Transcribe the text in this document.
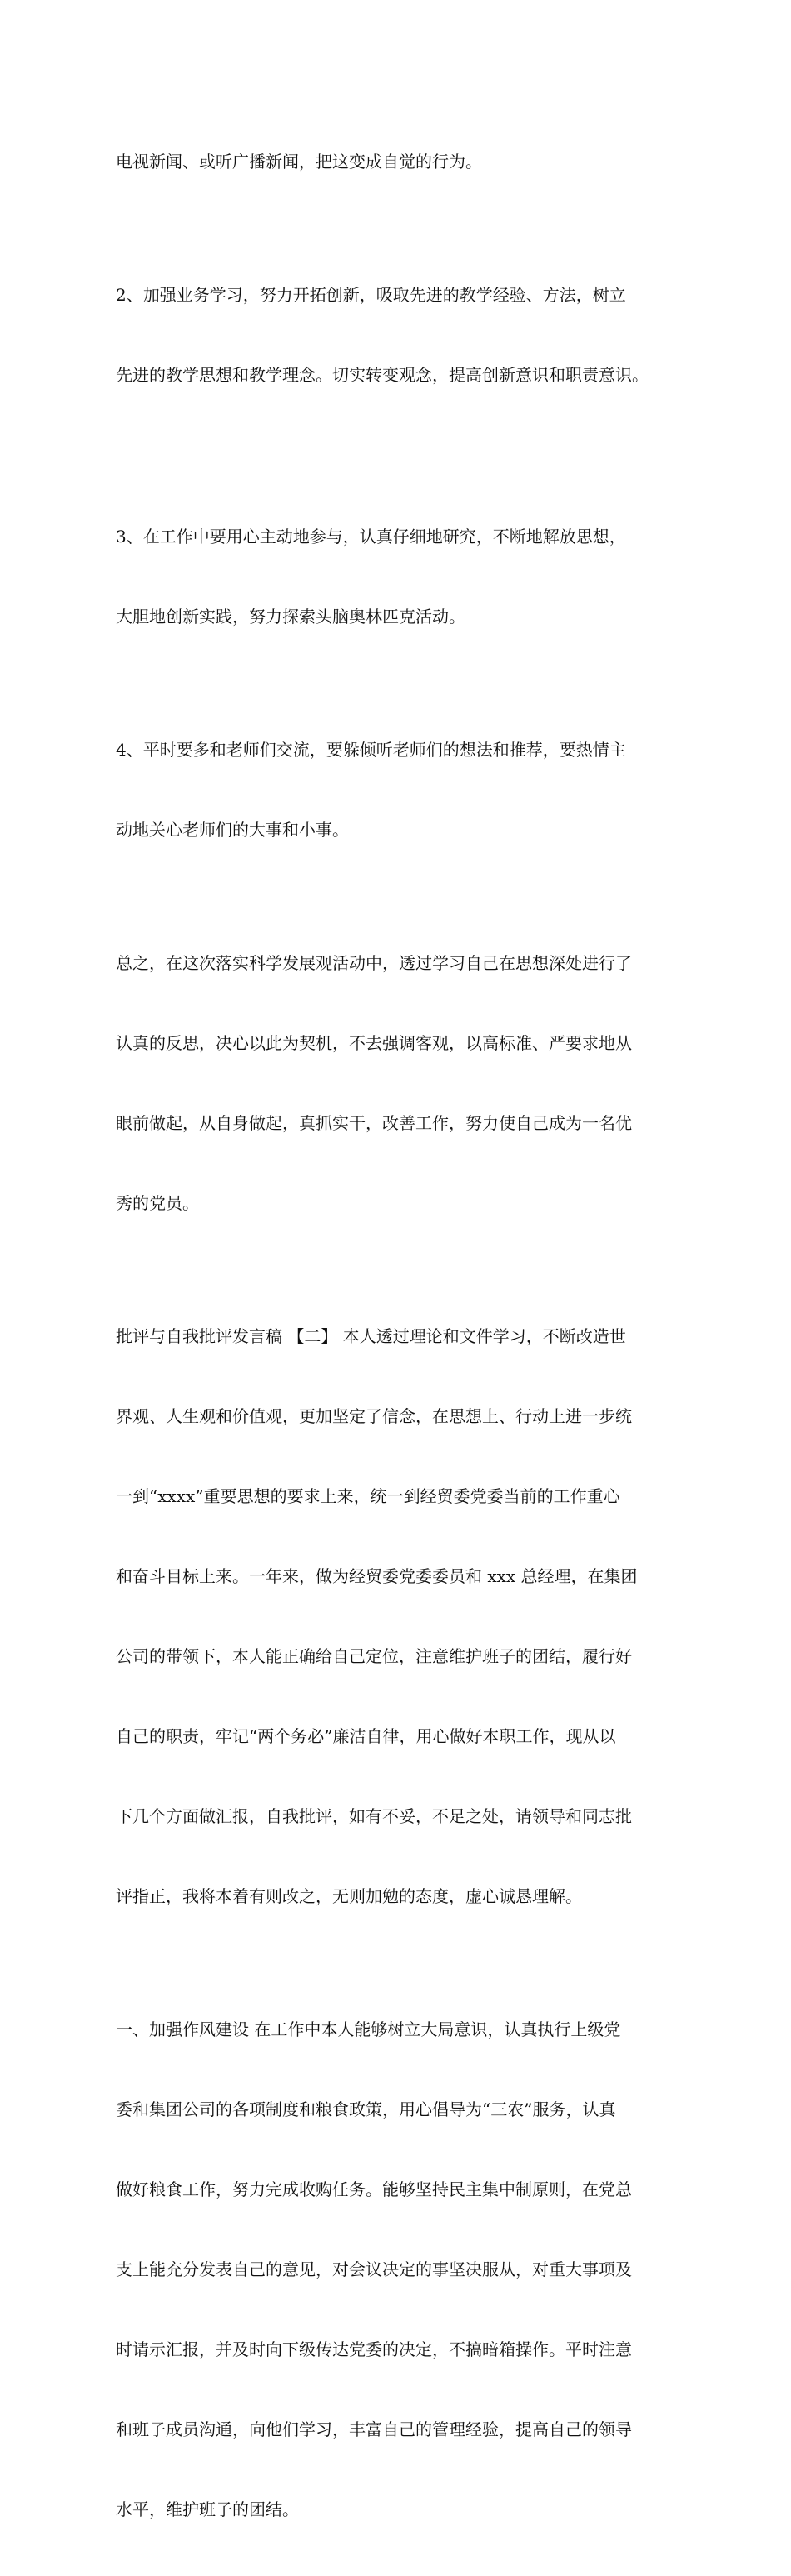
电视新闻、或听广播新闻，把这变成自觉的行为。

2、加强业务学习，努力开拓创新，吸取先进的教学经验、方法，树立

先进的教学思想和教学理念。切实转变观念，提高创新意识和职责意识。

3、在工作中要用心主动地参与，认真仔细地研究，不断地解放思想，

大胆地创新实践，努力探索头脑奥林匹克活动。

4、平时要多和老师们交流，要躲倾听老师们的想法和推荐，要热情主

动地关心老师们的大事和小事。

总之，在这次落实科学发展观活动中，透过学习自己在思想深处进行了

认真的反思，决心以此为契机，不去强调客观，以高标准、严要求地从

眼前做起，从自身做起，真抓实干，改善工作，努力使自己成为一名优

秀的党员。

批评与自我批评发言稿 【二】 本人透过理论和文件学习，不断改造世

界观、人生观和价值观，更加坚定了信念，在思想上、行动上进一步统

一到“xxxx”重要思想的要求上来，统一到经贸委党委当前的工作重心

和奋斗目标上来。一年来，做为经贸委党委委员和 xxx 总经理，在集团

公司的带领下，本人能正确给自己定位，注意维护班子的团结，履行好

自己的职责，牢记“两个务必”廉洁自律，用心做好本职工作，现从以

下几个方面做汇报，自我批评，如有不妥，不足之处，请领导和同志批

评指正，我将本着有则改之，无则加勉的态度，虚心诚恳理解。

一、加强作风建设 在工作中本人能够树立大局意识，认真执行上级党

委和集团公司的各项制度和粮食政策，用心倡导为“三农”服务，认真

做好粮食工作，努力完成收购任务。能够坚持民主集中制原则，在党总

支上能充分发表自己的意见，对会议决定的事坚决服从，对重大事项及

时请示汇报，并及时向下级传达党委的决定，不搞暗箱操作。平时注意

和班子成员沟通，向他们学习，丰富自己的管理经验，提高自己的领导

水平，维护班子的团结。
